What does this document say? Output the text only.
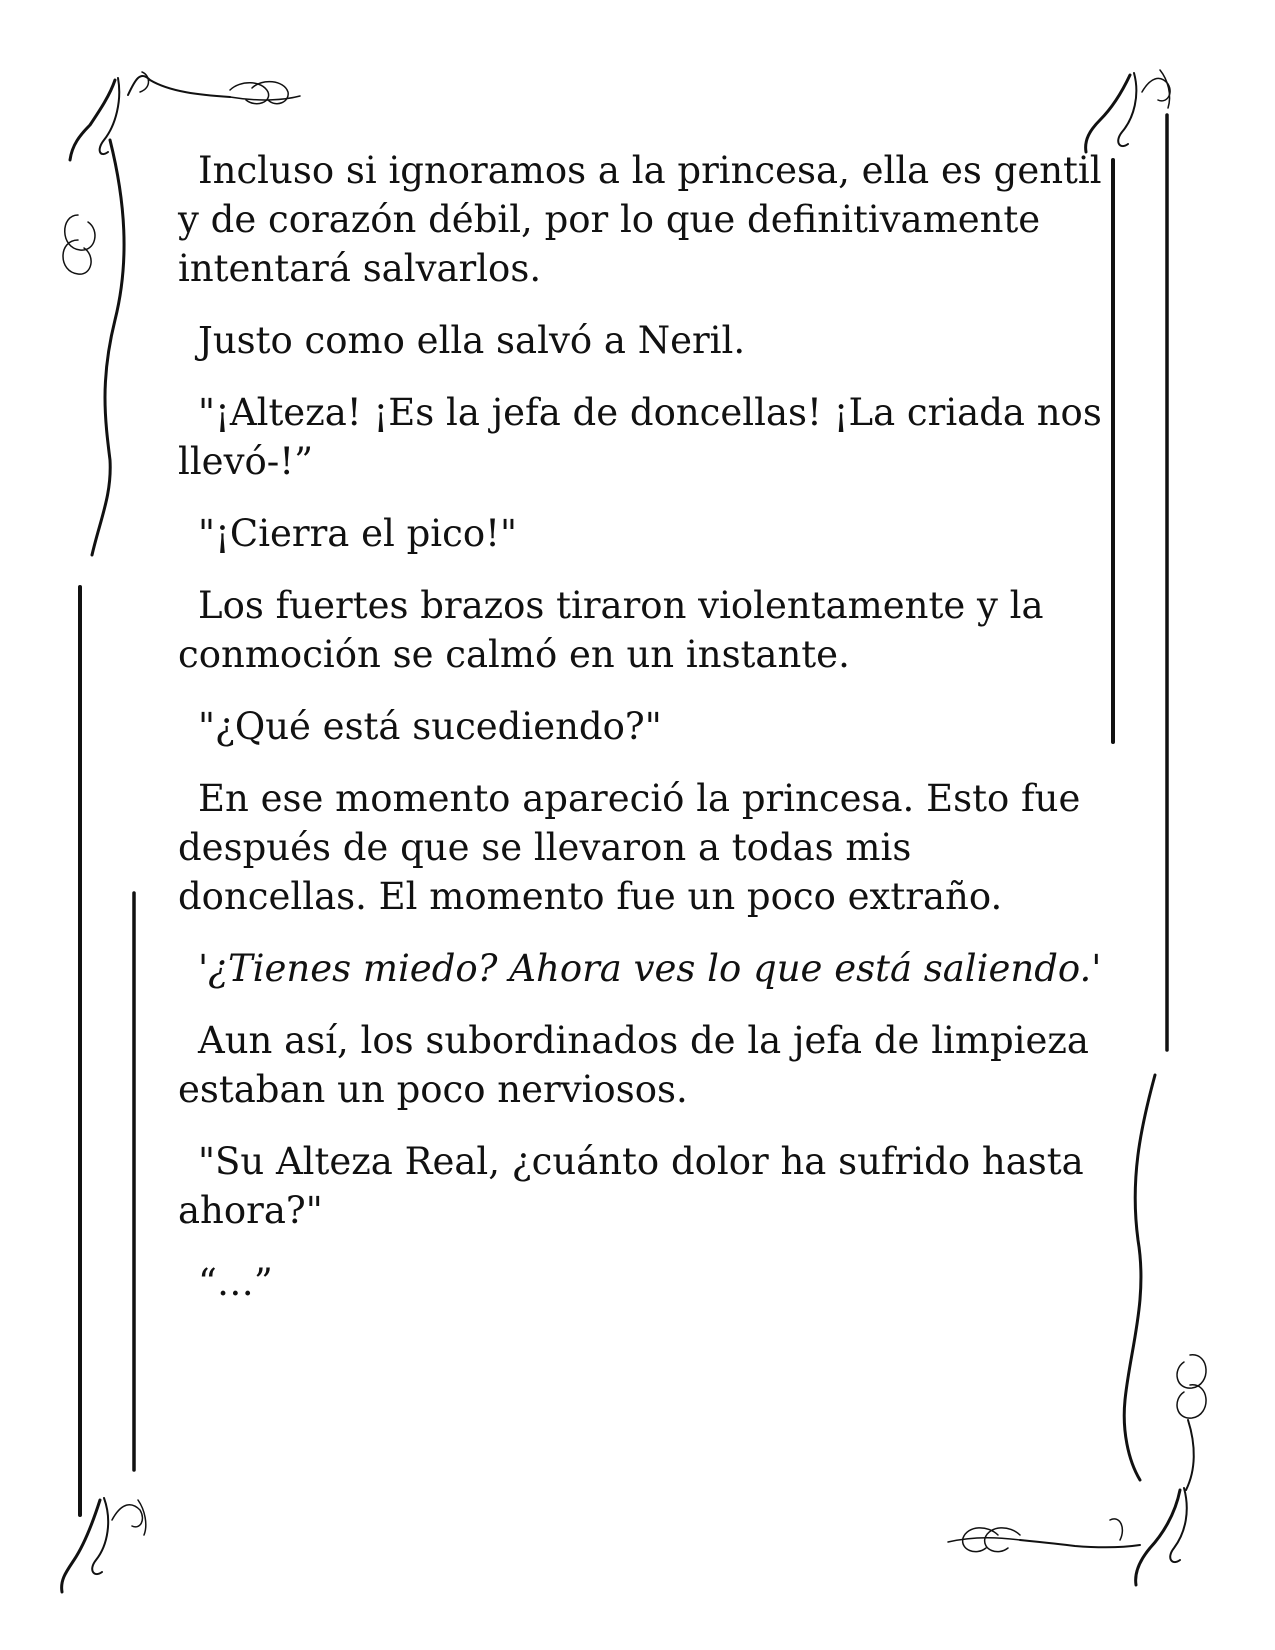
Incluso si ignoramos a la princesa, ella es gentil y de corazón débil, por lo que definitivamente intentará salvarlos.

Justo como ella salvó a Neril.

"¡Alteza! ¡Es la jefa de doncellas! ¡La criada nos llevó-!”

"¡Cierra el pico!"

Los fuertes brazos tiraron violentamente y la conmoción se calmó en un instante.

"¿Qué está sucediendo?"

En ese momento apareció la princesa. Esto fue después de que se llevaron a todas mis doncellas. El momento fue un poco extraño.

'¿Tienes miedo? Ahora ves lo que está saliendo.'

Aun así, los subordinados de la jefa de limpieza estaban un poco nerviosos.

"Su Alteza Real, ¿cuánto dolor ha sufrido hasta ahora?"

“…”
